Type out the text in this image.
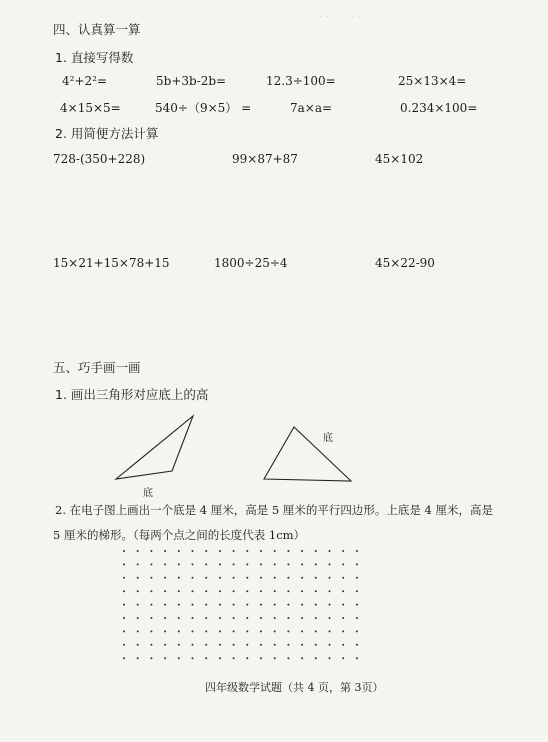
· · · · · · · · · · · ·
四、认真算一算
1. 直接写得数
4²+2²=	5b+3b-2b=	12.3÷100=	25×13×4=
4×15×5=	540÷（9×5） =	7a×a=	0.234×100=
2. 用简便方法计算
728-(350+228)	99×87+87	45×102
15×21+15×78+15	1800÷25÷4	45×22-90
五、巧手画一画
1. 画出三角形对应底上的高
底
底
2. 在电子图上画出一个底是 4 厘米，高是 5 厘米的平行四边形。上底是 4 厘米，高是
5 厘米的梯形。（每两个点之间的长度代表 1cm）
四年级数学试题（共 4 页，第 3页）
